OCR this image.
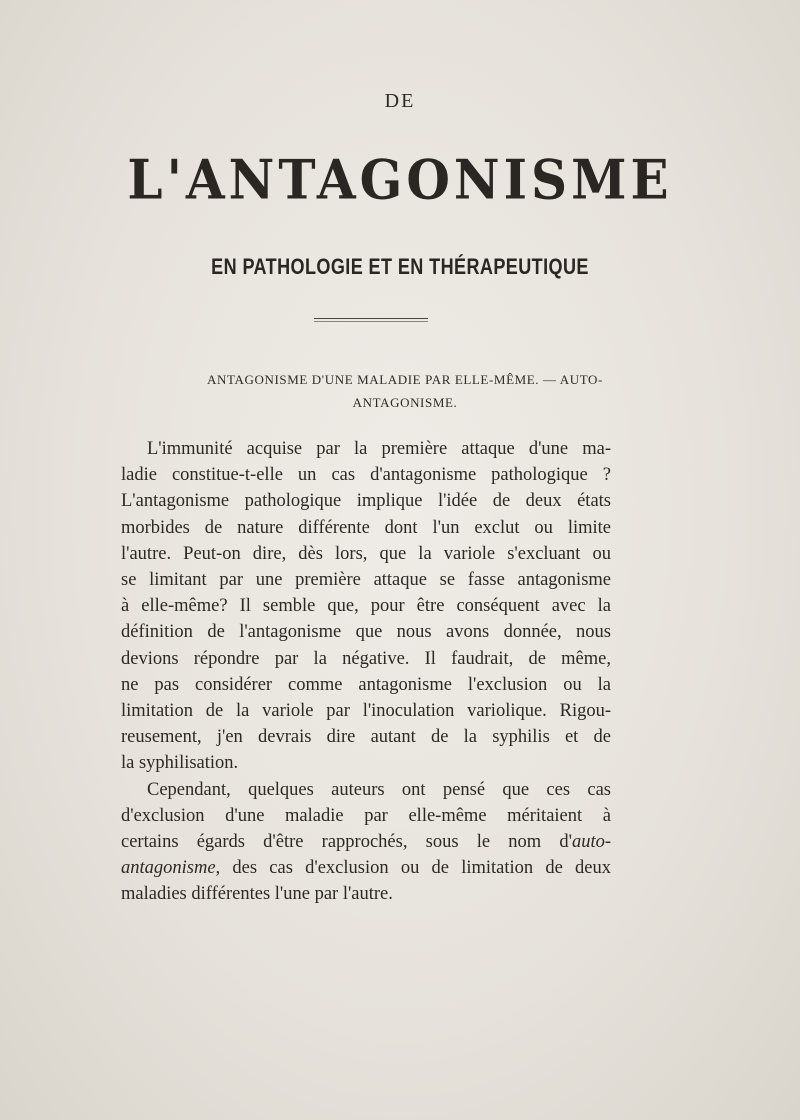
DE
L'ANTAGONISME
EN PATHOLOGIE ET EN THÉRAPEUTIQUE
ANTAGONISME D'UNE MALADIE PAR ELLE-MÊME. — AUTO-
ANTAGONISME.

L'immunité acquise par la première attaque d'une ma-
ladie constitue-t-elle un cas d'antagonisme pathologique ?
L'antagonisme pathologique implique l'idée de deux états
morbides de nature différente dont l'un exclut ou limite
l'autre. Peut-on dire, dès lors, que la variole s'excluant ou
se limitant par une première attaque se fasse antagonisme
à elle-même? Il semble que, pour être conséquent avec la
définition de l'antagonisme que nous avons donnée, nous
devions répondre par la négative. Il faudrait, de même,
ne pas considérer comme antagonisme l'exclusion ou la
limitation de la variole par l'inoculation variolique. Rigou-
reusement, j'en devrais dire autant de la syphilis et de
la syphilisation.

Cependant, quelques auteurs ont pensé que ces cas
d'exclusion d'une maladie par elle-même méritaient à
certains égards d'être rapprochés, sous le nom d'auto-
antagonisme, des cas d'exclusion ou de limitation de deux
maladies différentes l'une par l'autre.
